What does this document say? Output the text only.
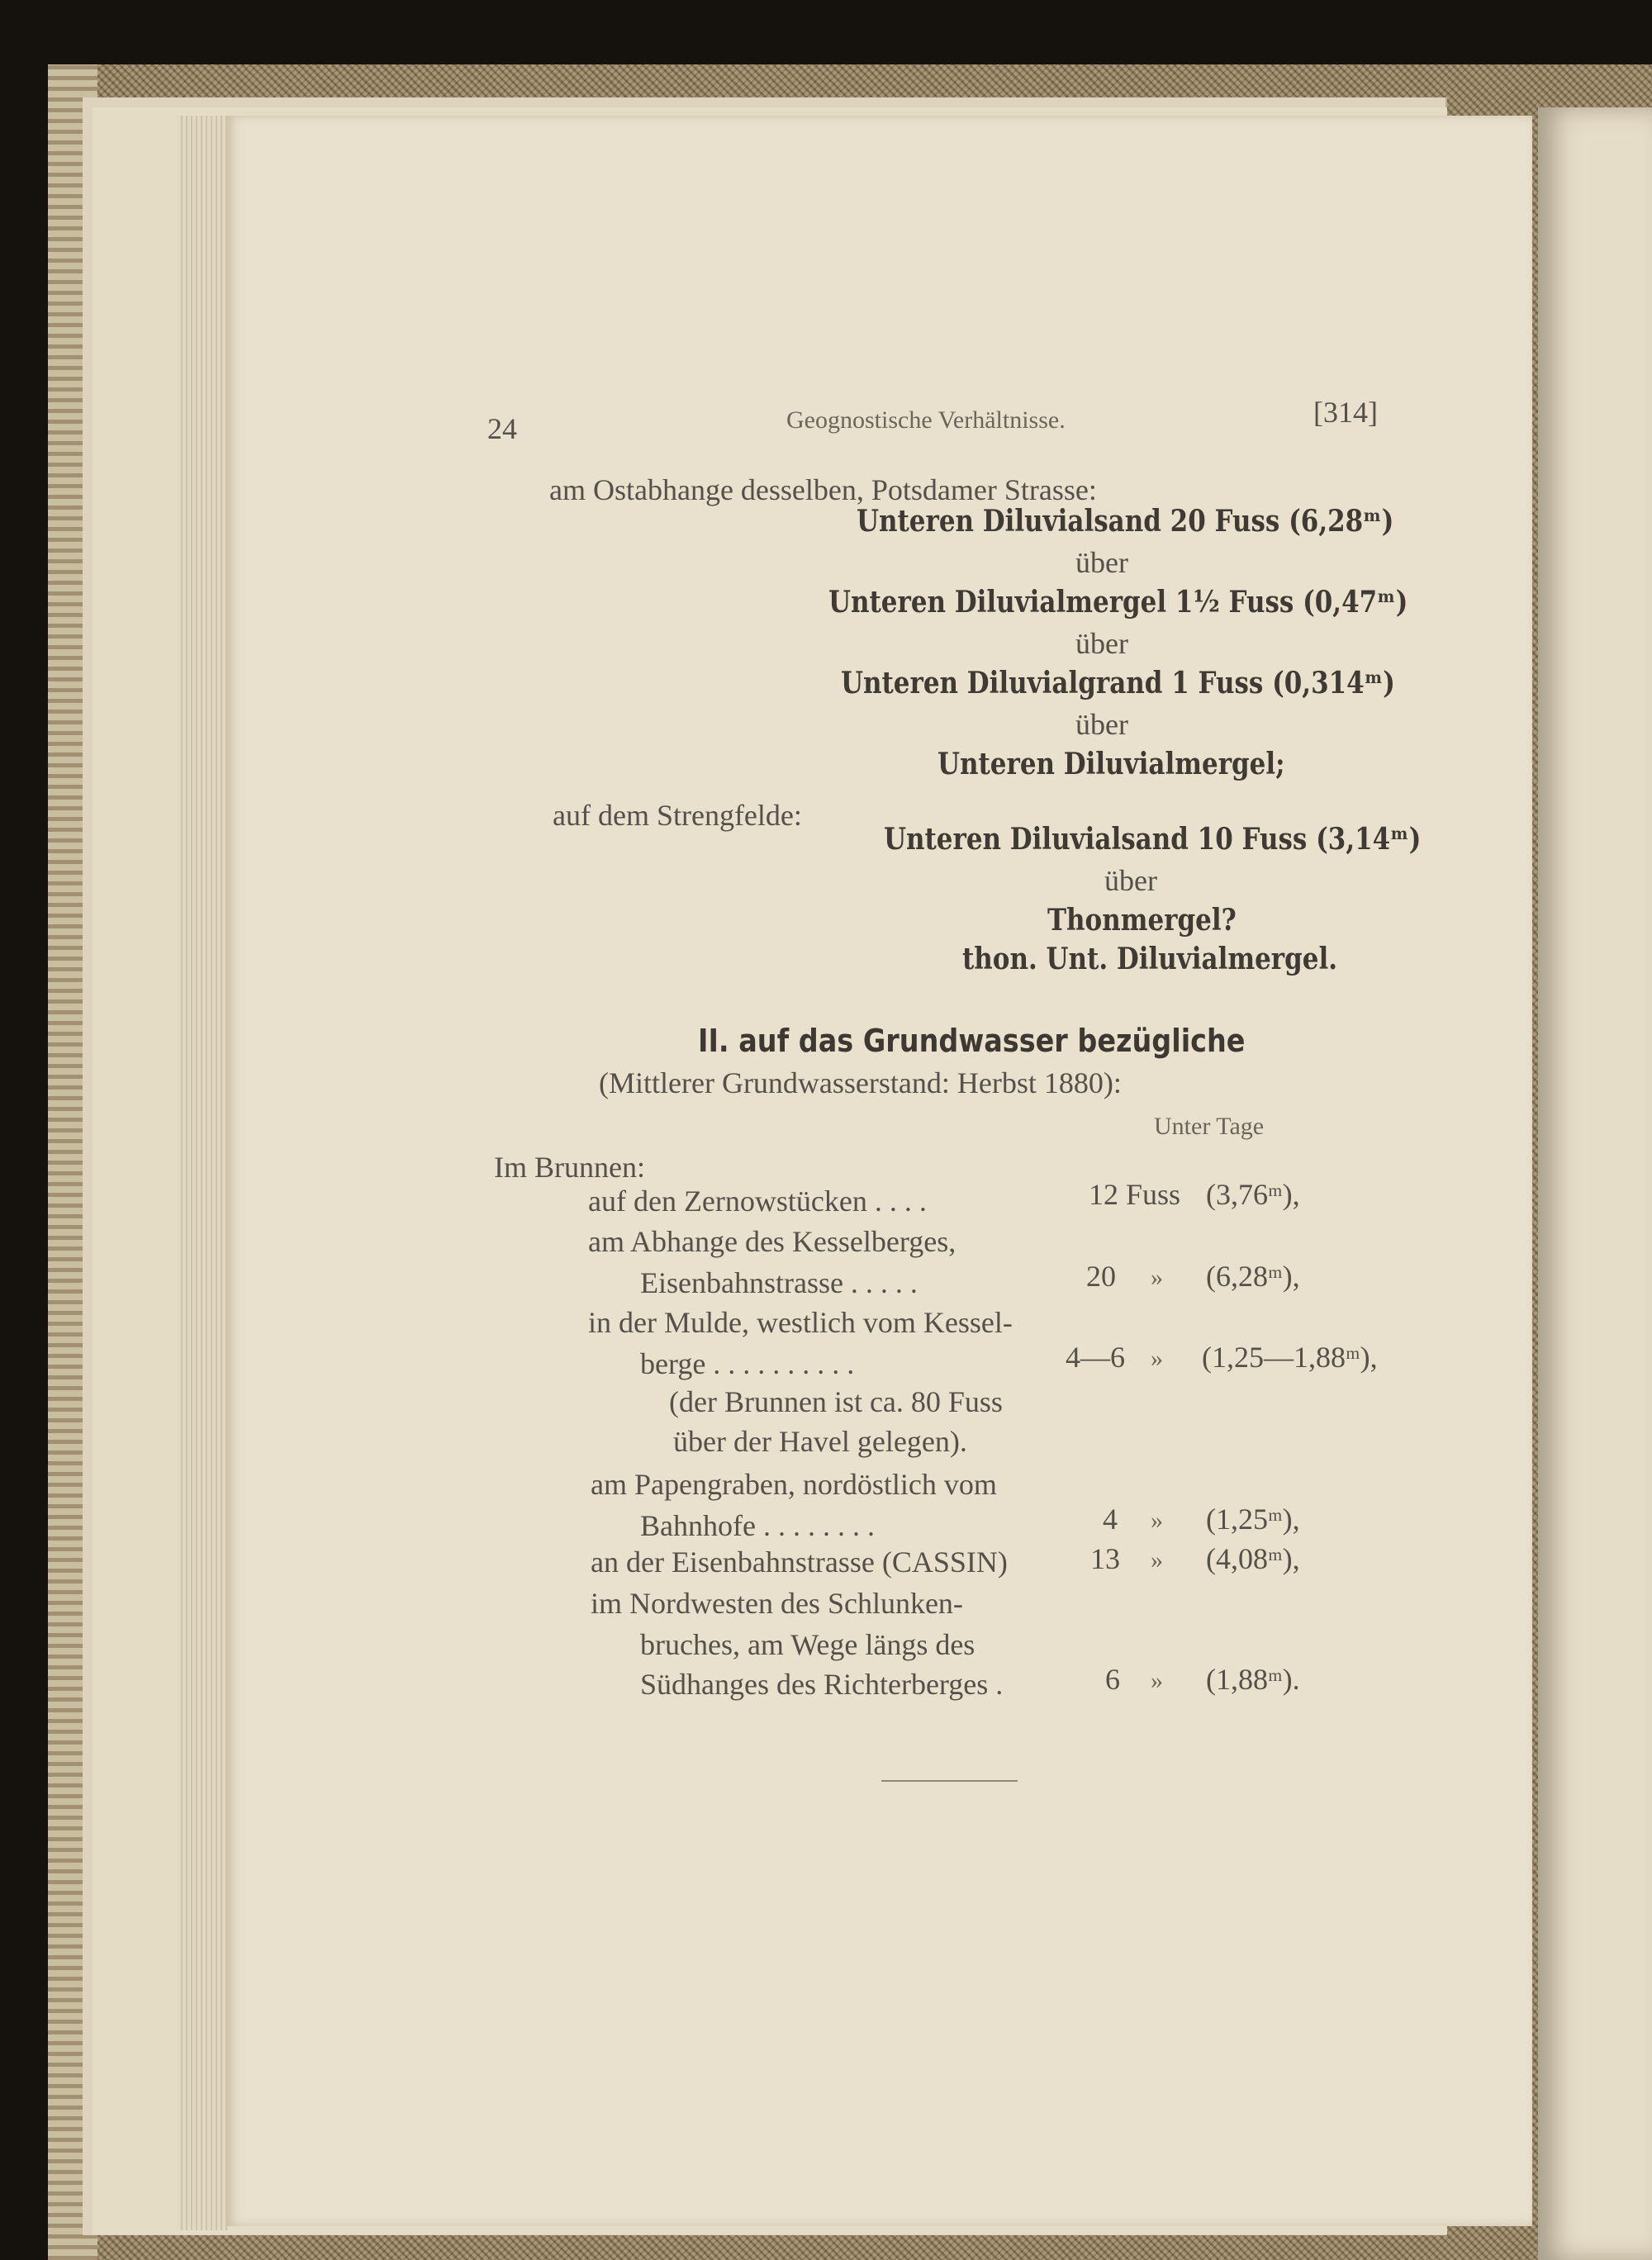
24	Geognostische Verhältnisse.	[314]
am Ostabhange desselben, Potsdamer Strasse:
Unteren Diluvialsand 20 Fuss (6,28ᵐ)
über
Unteren Diluvialmergel 1½ Fuss (0,47ᵐ)
über
Unteren Diluvialgrand 1 Fuss (0,314ᵐ)
über
Unteren Diluvialmergel;
auf dem Strengfelde:
Unteren Diluvialsand 10 Fuss (3,14ᵐ)
über
Thonmergel?
thon. Unt. Diluvialmergel.
II. auf das Grundwasser bezügliche
(Mittlerer Grundwasserstand: Herbst 1880):
Unter Tage
Im Brunnen:
auf den Zernowstücken . . . .	12 Fuss (3,76ᵐ),
am Abhange des Kesselberges,
Eisenbahnstrasse . . . . .	20 » (6,28ᵐ),
in der Mulde, westlich vom Kessel-
berge . . . . . . . . . .	4—6 » (1,25—1,88ᵐ),
(der Brunnen ist ca. 80 Fuss
über der Havel gelegen).
am Papengraben, nordöstlich vom
Bahnhofe . . . . . . . .	4 » (1,25ᵐ),
an der Eisenbahnstrasse (CASSIN)	13 » (4,08ᵐ),
im Nordwesten des Schlunken-
bruches, am Wege längs des
Südhanges des Richterberges .	6 » (1,88ᵐ).
